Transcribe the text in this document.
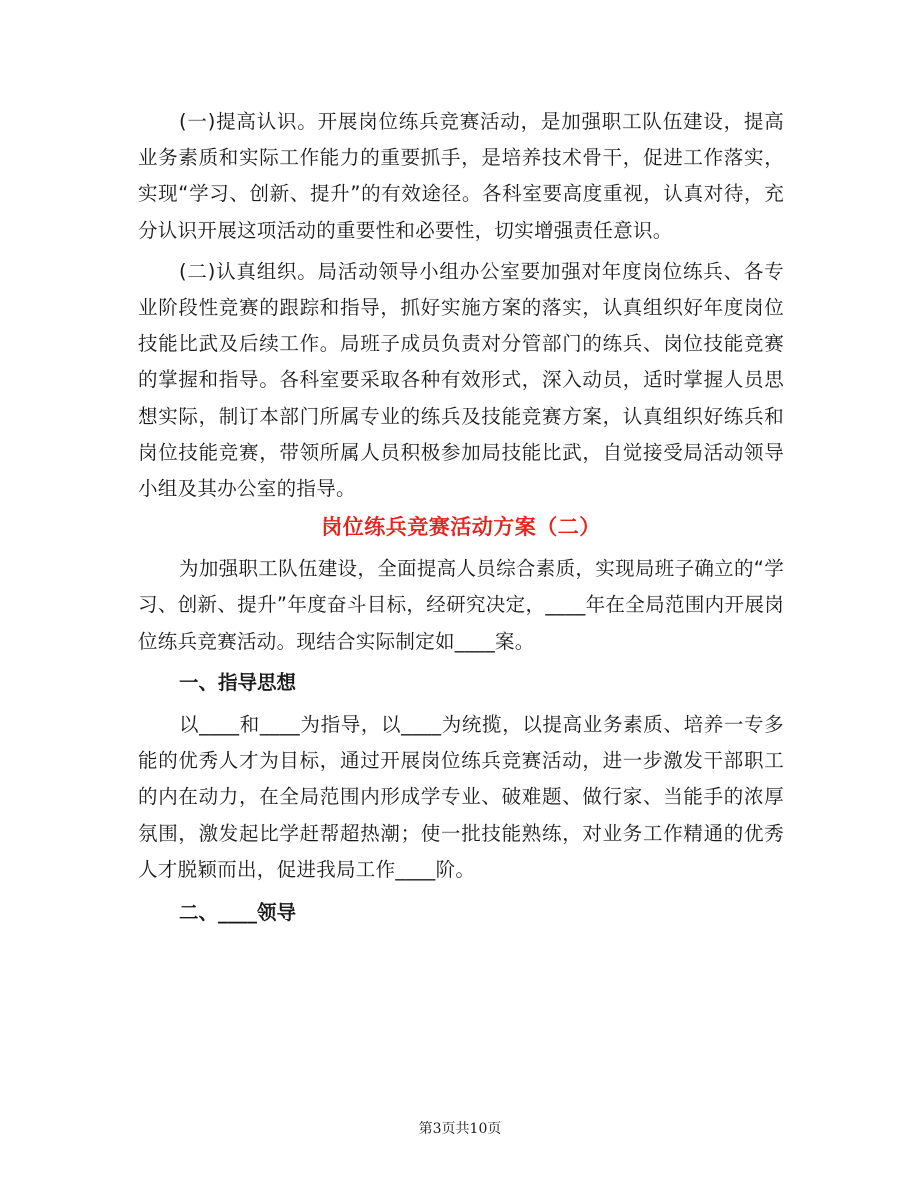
(一)提高认识。开展岗位练兵竞赛活动，是加强职工队伍建设，提高业务素质和实际工作能力的重要抓手，是培养技术骨干，促进工作落实，实现“学习、创新、提升”的有效途径。各科室要高度重视，认真对待，充分认识开展这项活动的重要性和必要性，切实增强责任意识。

(二)认真组织。局活动领导小组办公室要加强对年度岗位练兵、各专业阶段性竞赛的跟踪和指导，抓好实施方案的落实，认真组织好年度岗位技能比武及后续工作。局班子成员负责对分管部门的练兵、岗位技能竞赛的掌握和指导。各科室要采取各种有效形式，深入动员，适时掌握人员思想实际，制订本部门所属专业的练兵及技能竞赛方案，认真组织好练兵和岗位技能竞赛，带领所属人员积极参加局技能比武，自觉接受局活动领导小组及其办公室的指导。

岗位练兵竞赛活动方案（二）

为加强职工队伍建设，全面提高人员综合素质，实现局班子确立的“学习、创新、提升”年度奋斗目标，经研究决定，____年在全局范围内开展岗位练兵竞赛活动。现结合实际制定如____案。

一、指导思想

以____和____为指导，以____为统揽，以提高业务素质、培养一专多能的优秀人才为目标，通过开展岗位练兵竞赛活动，进一步激发干部职工的内在动力，在全局范围内形成学专业、破难题、做行家、当能手的浓厚氛围，激发起比学赶帮超热潮；使一批技能熟练，对业务工作精通的优秀人才脱颖而出，促进我局工作____阶。

二、____领导
第3页共10页
